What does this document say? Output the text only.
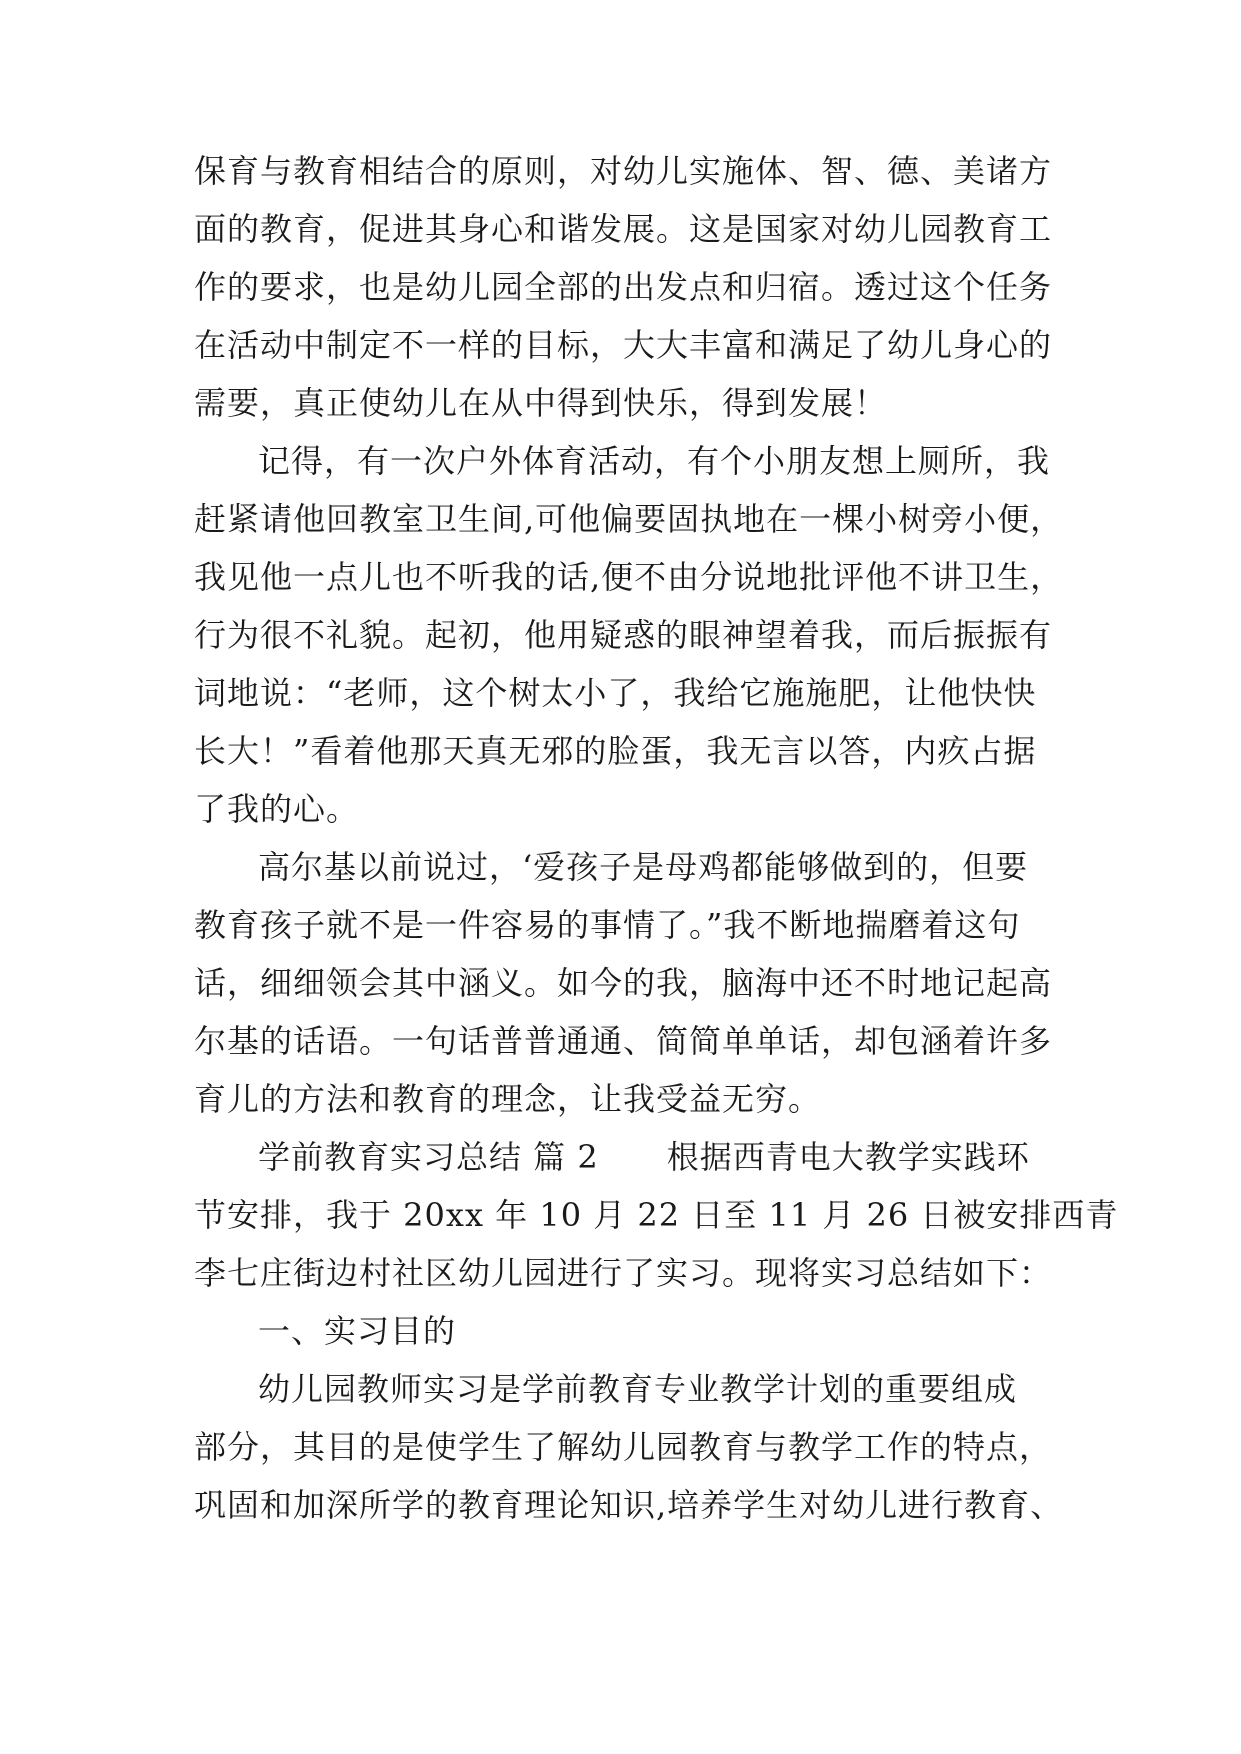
保育与教育相结合的原则，对幼儿实施体、智、德、美诸方
面的教育，促进其身心和谐发展。这是国家对幼儿园教育工
作的要求，也是幼儿园全部的出发点和归宿。透过这个任务
在活动中制定不一样的目标，大大丰富和满足了幼儿身心的
需要，真正使幼儿在从中得到快乐，得到发展！
记得，有一次户外体育活动，有个小朋友想上厕所，我
赶紧请他回教室卫生间,可他偏要固执地在一棵小树旁小便，
我见他一点儿也不听我的话,便不由分说地批评他不讲卫生，
行为很不礼貌。起初，他用疑惑的眼神望着我，而后振振有
词地说：“老师，这个树太小了，我给它施施肥，让他快快
长大！”看着他那天真无邪的脸蛋，我无言以答，内疚占据
了我的心。
高尔基以前说过，‘爱孩子是母鸡都能够做到的，但要
教育孩子就不是一件容易的事情了。”我不断地揣磨着这句
话，细细领会其中涵义。如今的我，脑海中还不时地记起高
尔基的话语。一句话普普通通、简简单单话，却包涵着许多
育儿的方法和教育的理念，让我受益无穷。
学前教育实习总结 篇 2 根据西青电大教学实践环
节安排，我于 20xx 年 10 月 22 日至 11 月 26 日被安排西青
李七庄街边村社区幼儿园进行了实习。现将实习总结如下：
一、实习目的
幼儿园教师实习是学前教育专业教学计划的重要组成
部分，其目的是使学生了解幼儿园教育与教学工作的特点，
巩固和加深所学的教育理论知识,培养学生对幼儿进行教育、
